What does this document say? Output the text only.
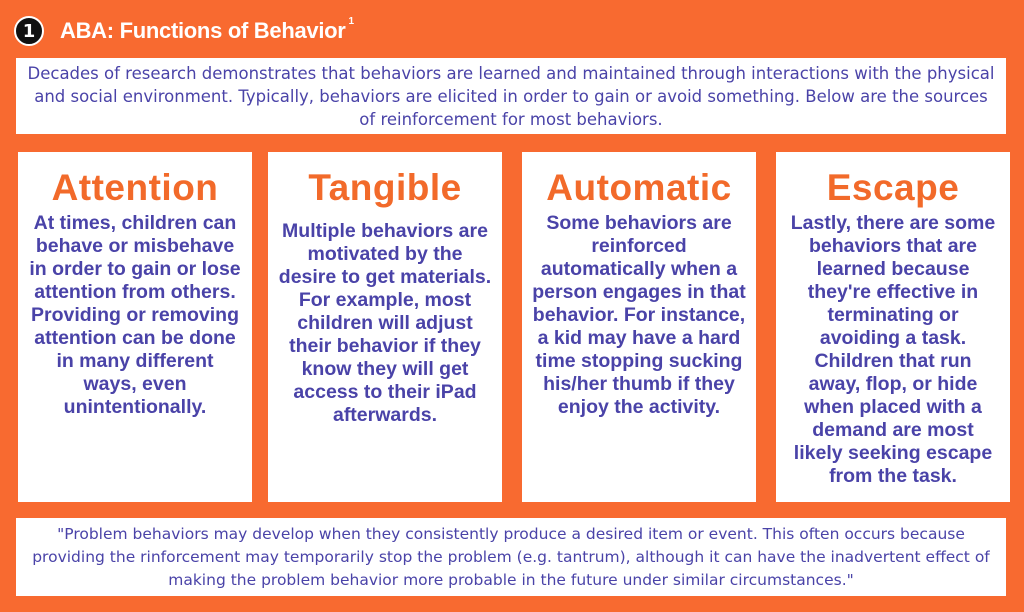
1	ABA: Functions of Behavior $^1$
Decades of research demonstrates that behaviors are learned and maintained through interactions with the physical and social environment. Typically, behaviors are elicited in order to gain or avoid something. Below are the sources of reinforcement for most behaviors.
Attention
At times, children can behave or misbehave in order to gain or lose attention from others. Providing or removing attention can be done in many different ways, even unintentionally.
Tangible
Multiple behaviors are motivated by the desire to get materials. For example, most children will adjust their behavior if they know they will get access to their iPad afterwards.
Automatic
Some behaviors are reinforced automatically when a person engages in that behavior. For instance, a kid may have a hard time stopping sucking his/her thumb if they enjoy the activity.
Escape
Lastly, there are some behaviors that are learned because they're effective in terminating or avoiding a task. Children that run away, flop, or hide when placed with a demand are most likely seeking escape from the task.
"Problem behaviors may develop when they consistently produce a desired item or event. This often occurs because providing the rinforcement may temporarily stop the problem (e.g. tantrum), although it can have the inadvertent effect of making the problem behavior more probable in the future under similar circumstances."
